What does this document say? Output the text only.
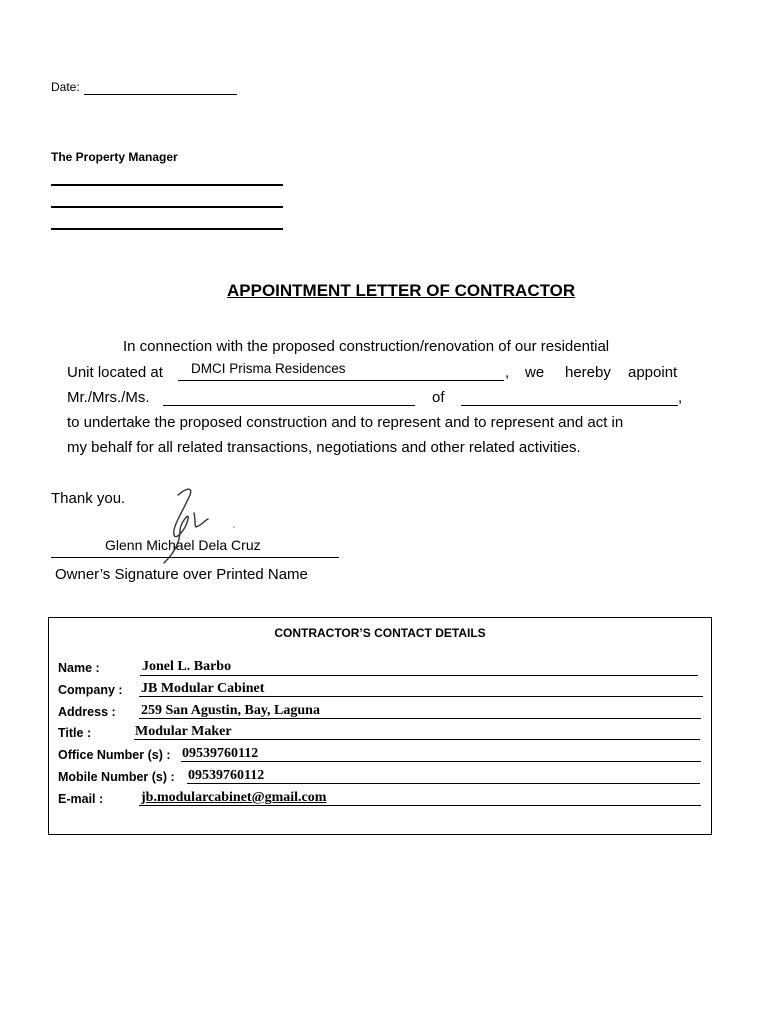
Date:
The Property Manager
APPOINTMENT LETTER OF CONTRACTOR
In connection with the proposed construction/renovation of our residential
Unit located at DMCI Prisma Residences	, we hereby appoint
Mr./Mrs./Ms.	of	,
to undertake the proposed construction and to represent and to represent and act in
my behalf for all related transactions, negotiations and other related activities.
Thank you.
Glenn Michael Dela Cruz
Owner’s Signature over Printed Name
CONTRACTOR’S CONTACT DETAILS
Name :	Jonel L. Barbo
Company : JB Modular Cabinet
Address : 259 San Agustin, Bay, Laguna
Title :	Modular Maker
Office Number (s) : 09539760112
Mobile Number (s) : 09539760112
E-mail :	jb.modularcabinet@gmail.com
